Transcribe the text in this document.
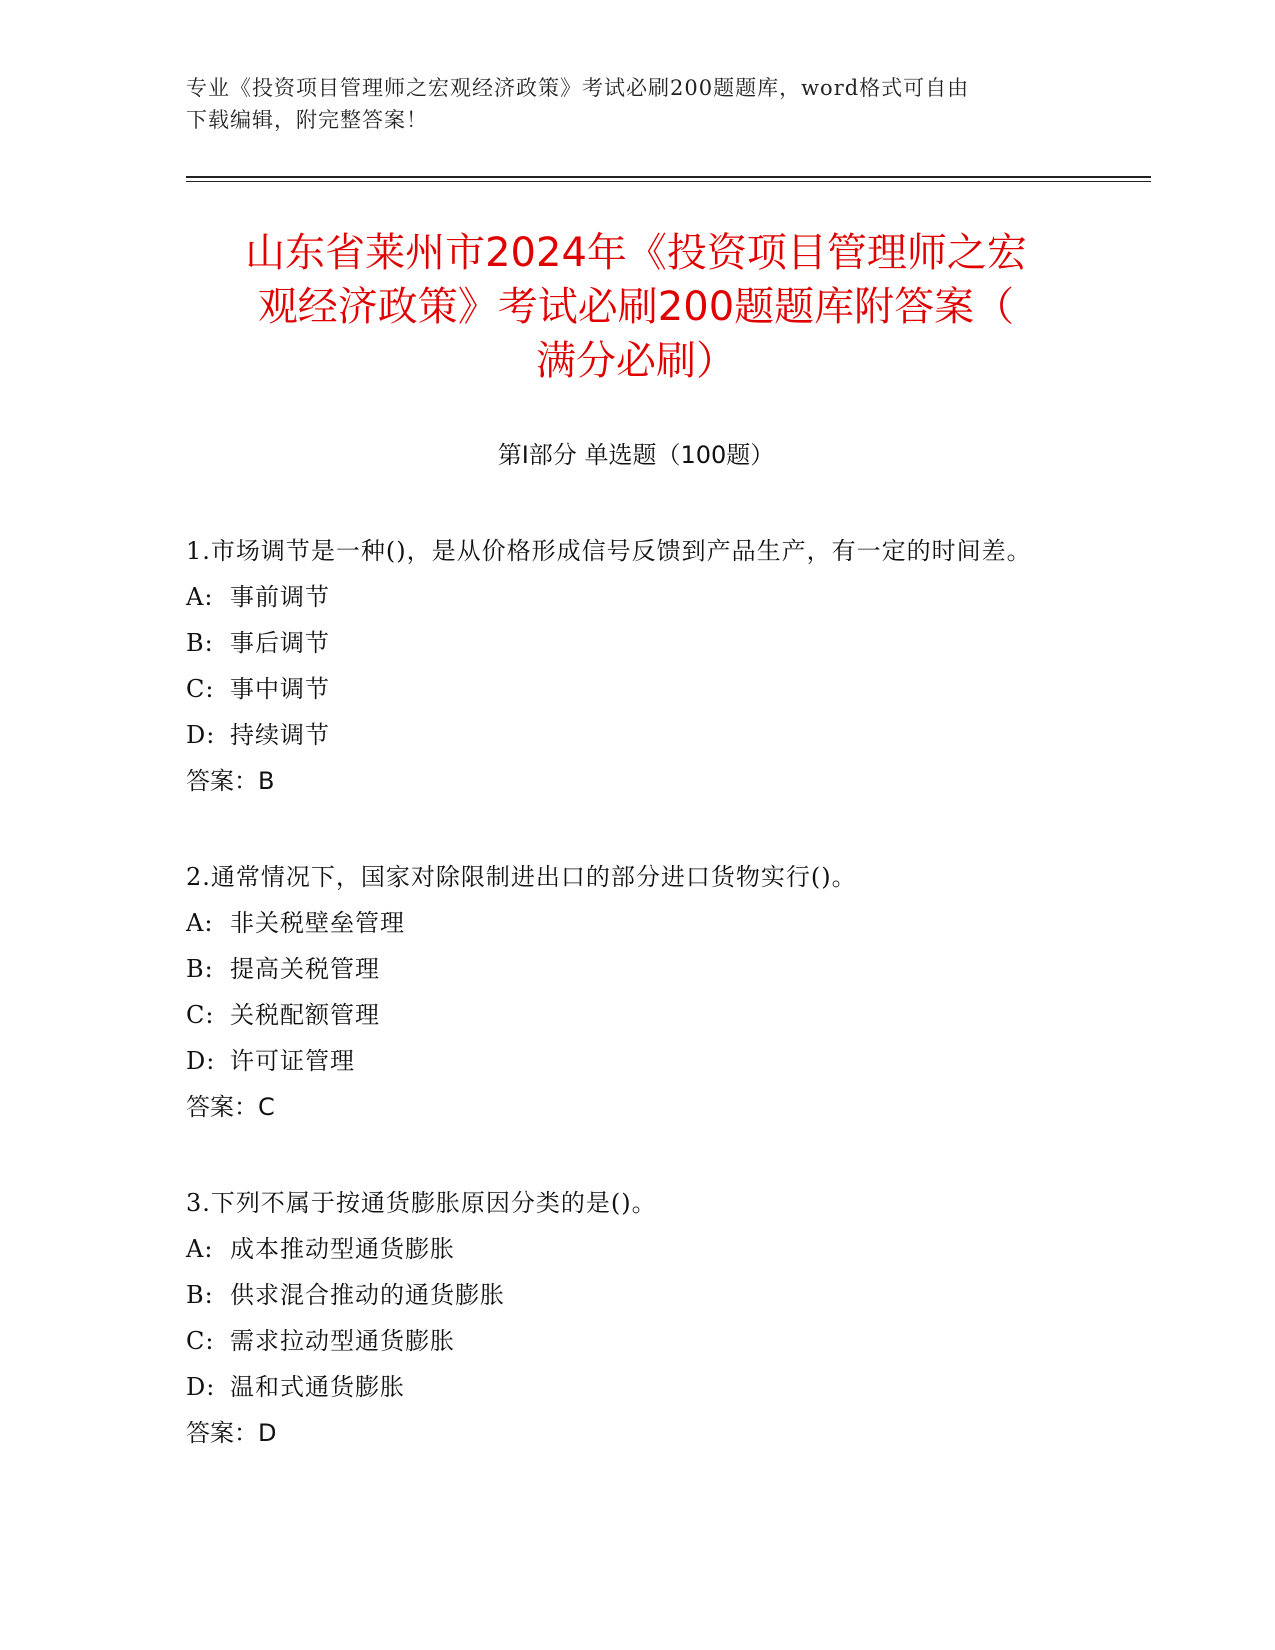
专业《投资项目管理师之宏观经济政策》考试必刷200题题库，word格式可自由
下载编辑，附完整答案！
山东省莱州市2024年《投资项目管理师之宏
观经济政策》考试必刷200题题库附答案（
满分必刷）
第Ⅰ部分 单选题（100题）
1.市场调节是一种()，是从价格形成信号反馈到产品生产，有一定的时间差。
A: 事前调节
B: 事后调节
C: 事中调节
D: 持续调节
答案：B
2.通常情况下，国家对除限制进出口的部分进口货物实行()。
A: 非关税壁垒管理
B: 提高关税管理
C: 关税配额管理
D: 许可证管理
答案：C
3.下列不属于按通货膨胀原因分类的是()。
A: 成本推动型通货膨胀
B: 供求混合推动的通货膨胀
C: 需求拉动型通货膨胀
D: 温和式通货膨胀
答案：D
